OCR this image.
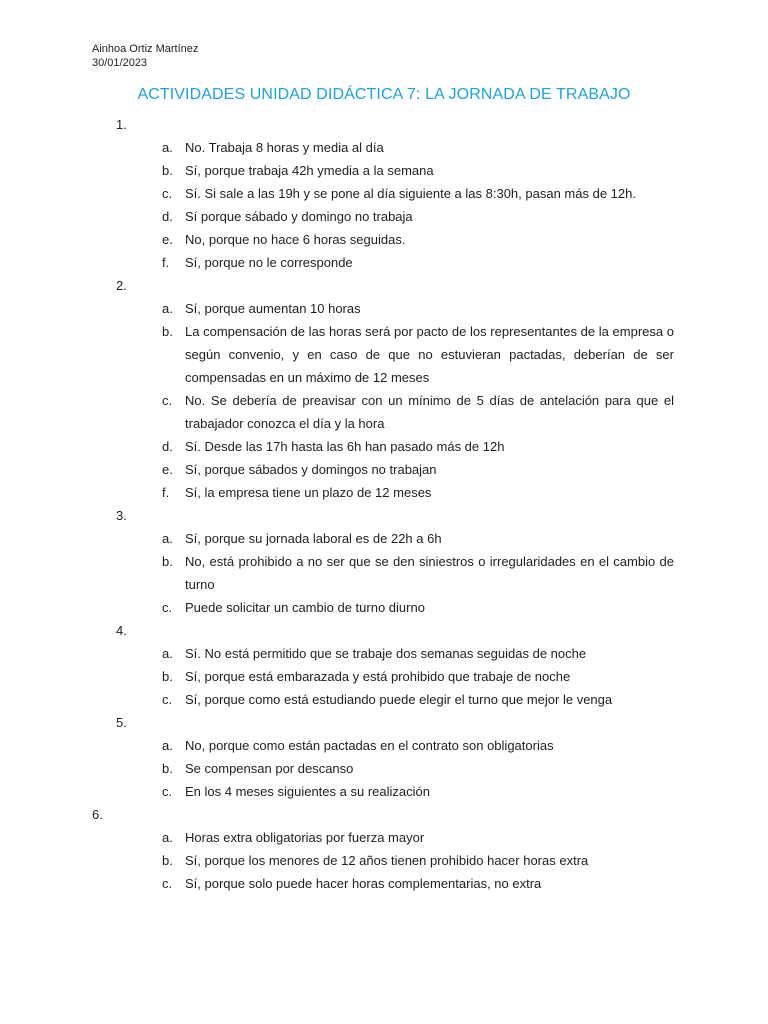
Ainhoa Ortiz Martínez
30/01/2023
ACTIVIDADES UNIDAD DIDÁCTICA 7: LA JORNADA DE TRABAJO
1.
a. No. Trabaja 8 horas y media al día
b. Sí, porque trabaja 42h ymedia a la semana
c. Sí. Si sale a las 19h y se pone al día siguiente a las 8:30h, pasan más de 12h.
d. Sí porque sábado y domingo no trabaja
e. No, porque no hace 6 horas seguidas.
f. Sí, porque no le corresponde
2.
a. Sí, porque aumentan 10 horas
b. La compensación de las horas será por pacto de los representantes de la empresa o según convenio, y en caso de que no estuvieran pactadas, deberían de ser compensadas en un máximo de 12 meses
c. No. Se debería de preavisar con un mínimo de 5 días de antelación para que el trabajador conozca el día y la hora
d. Sí. Desde las 17h hasta las 6h han pasado más de 12h
e. Sí, porque sábados y domingos no trabajan
f. Sí, la empresa tiene un plazo de 12 meses
3.
a. Sí, porque su jornada laboral es de 22h a 6h
b. No, está prohibido a no ser que se den siniestros o irregularidades en el cambio de turno
c. Puede solicitar un cambio de turno diurno
4.
a. Sí. No está permitido que se trabaje dos semanas seguidas de noche
b. Sí, porque está embarazada y está prohibido que trabaje de noche
c. Sí, porque como está estudiando puede elegir el turno que mejor le venga
5.
a. No, porque como están pactadas en el contrato son obligatorias
b. Se compensan por descanso
c. En los 4 meses siguientes a su realización
6.
a. Horas extra obligatorias por fuerza mayor
b. Sí, porque los menores de 12 años tienen prohibido hacer horas extra
c. Sí, porque solo puede hacer horas complementarias, no extra
